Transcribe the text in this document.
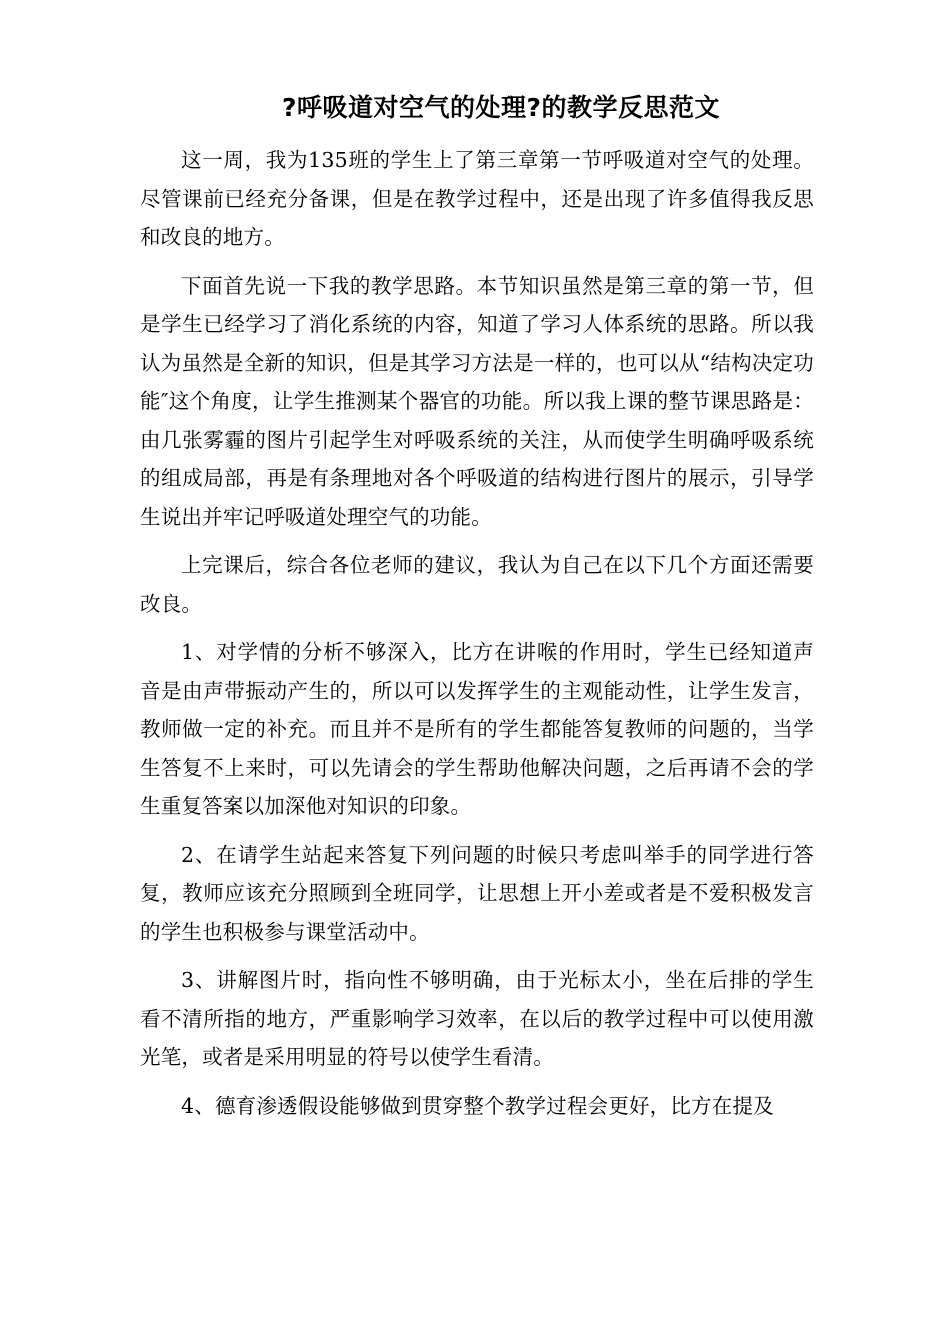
?呼吸道对空气的处理?的教学反思范文

这一周，我为135班的学生上了第三章第一节呼吸道对空气的处理。尽管课前已经充分备课，但是在教学过程中，还是出现了许多值得我反思和改良的地方。

下面首先说一下我的教学思路。本节知识虽然是第三章的第一节，但是学生已经学习了消化系统的内容，知道了学习人体系统的思路。所以我认为虽然是全新的知识，但是其学习方法是一样的，也可以从“结构决定功能″这个角度，让学生推测某个器官的功能。所以我上课的整节课思路是：由几张雾霾的图片引起学生对呼吸系统的关注，从而使学生明确呼吸系统的组成局部，再是有条理地对各个呼吸道的结构进行图片的展示，引导学生说出并牢记呼吸道处理空气的功能。

上完课后，综合各位老师的建议，我认为自己在以下几个方面还需要改良。

1、对学情的分析不够深入，比方在讲喉的作用时，学生已经知道声音是由声带振动产生的，所以可以发挥学生的主观能动性，让学生发言，教师做一定的补充。而且并不是所有的学生都能答复教师的问题的，当学生答复不上来时，可以先请会的学生帮助他解决问题，之后再请不会的学生重复答案以加深他对知识的印象。

2、在请学生站起来答复下列问题的时候只考虑叫举手的同学进行答复，教师应该充分照顾到全班同学，让思想上开小差或者是不爱积极发言的学生也积极参与课堂活动中。

3、讲解图片时，指向性不够明确，由于光标太小，坐在后排的学生看不清所指的地方，严重影响学习效率，在以后的教学过程中可以使用激光笔，或者是采用明显的符号以使学生看清。

4、德育渗透假设能够做到贯穿整个教学过程会更好，比方在提及
